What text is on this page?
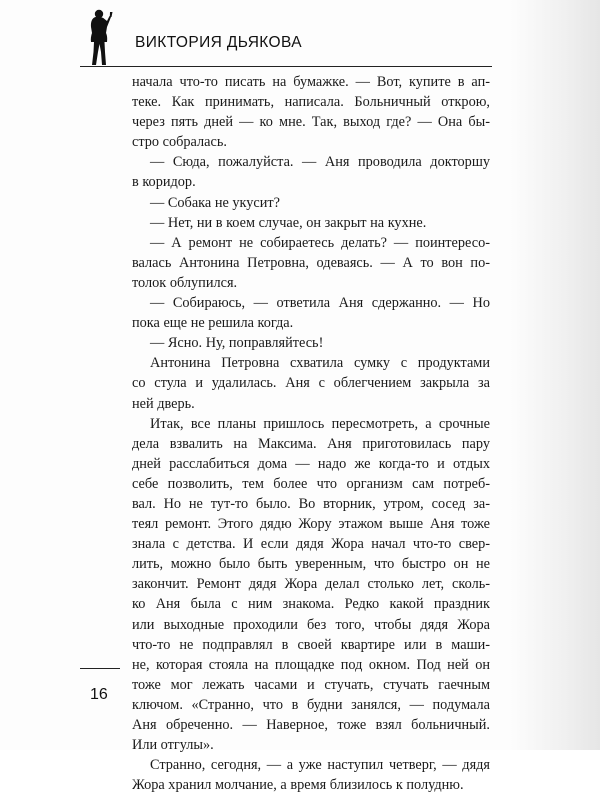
ВИКТОРИЯ ДЬЯКОВА
начала что-то писать на бумажке. — Вот, купите в ап-
теке. Как принимать, написала. Больничный открою,
через пять дней — ко мне. Так, выход где? — Она бы-
стро собралась.
— Сюда, пожалуйста. — Аня проводила докторшу
в коридор.
— Собака не укусит?
— Нет, ни в коем случае, он закрыт на кухне.
— А ремонт не собираетесь делать? — поинтересо-
валась Антонина Петровна, одеваясь. — А то вон по-
толок облупился.
— Собираюсь, — ответила Аня сдержанно. — Но
пока еще не решила когда.
— Ясно. Ну, поправляйтесь!
Антонина Петровна схватила сумку с продуктами
со стула и удалилась. Аня с облегчением закрыла за
ней дверь.
Итак, все планы пришлось пересмотреть, а срочные
дела взвалить на Максима. Аня приготовилась пару
дней расслабиться дома — надо же когда-то и отдых
себе позволить, тем более что организм сам потреб-
вал. Но не тут-то было. Во вторник, утром, сосед за-
теял ремонт. Этого дядю Жору этажом выше Аня тоже
знала с детства. И если дядя Жора начал что-то свер-
лить, можно было быть уверенным, что быстро он не
закончит. Ремонт дядя Жора делал столько лет, сколь-
ко Аня была с ним знакома. Редко какой праздник
или выходные проходили без того, чтобы дядя Жора
что-то не подправлял в своей квартире или в маши-
не, которая стояла на площадке под окном. Под ней он
тоже мог лежать часами и стучать, стучать гаечным
ключом. «Странно, что в будни занялся, — подумала
Аня обреченно. — Наверное, тоже взял больничный.
Или отгулы».
Странно, сегодня, — а уже наступил четверг, — дядя
Жора хранил молчание, а время близилось к полудню.
16
